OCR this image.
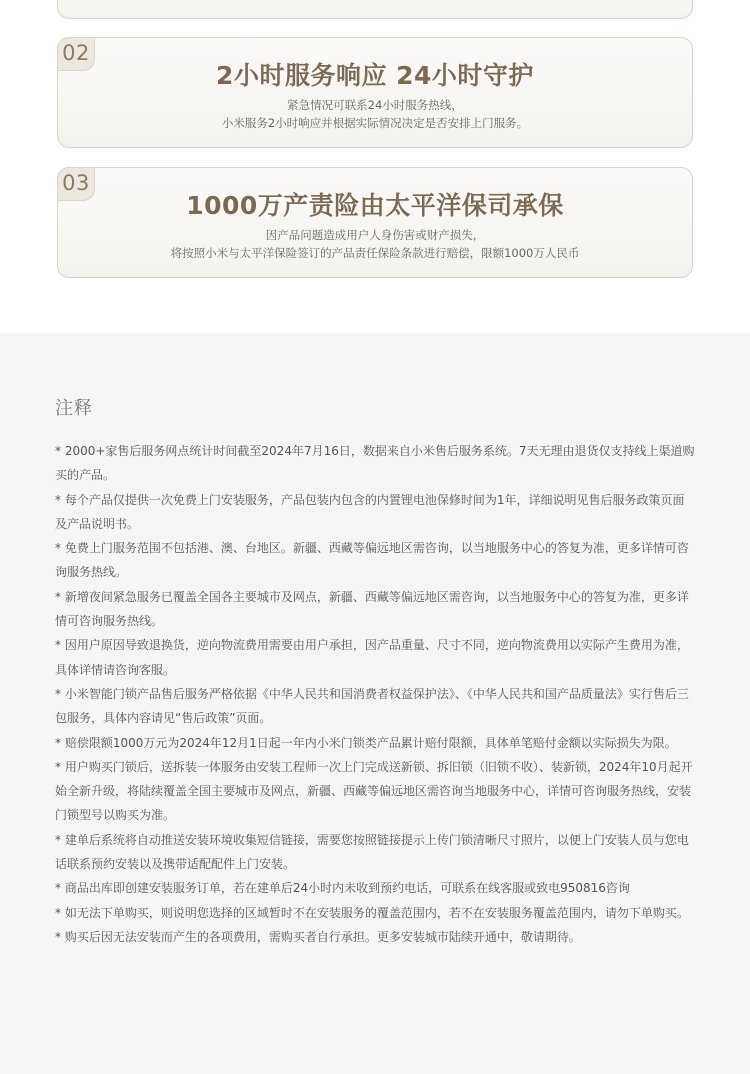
02
2小时服务响应 24小时守护
紧急情况可联系24小时服务热线，
小米服务2小时响应并根据实际情况决定是否安排上门服务。
03
1000万产责险由太平洋保司承保
因产品问题造成用户人身伤害或财产损失，
将按照小米与太平洋保险签订的产品责任保险条款进行赔偿，限额1000万人民币
注释
* 2000+家售后服务网点统计时间截至2024年7月16日，数据来自小米售后服务系统。7天无理由退货仅支持线上渠道购买的产品。
* 每个产品仅提供一次免费上门安装服务，产品包装内包含的内置锂电池保修时间为1年，详细说明见售后服务政策页面及产品说明书。
* 免费上门服务范围不包括港、澳、台地区。新疆、西藏等偏远地区需咨询，以当地服务中心的答复为准，更多详情可咨询服务热线。
* 新增夜间紧急服务已覆盖全国各主要城市及网点，新疆、西藏等偏远地区需咨询，以当地服务中心的答复为准，更多详情可咨询服务热线。
* 因用户原因导致退换货，逆向物流费用需要由用户承担，因产品重量、尺寸不同，逆向物流费用以实际产生费用为准，具体详情请咨询客服。
* 小米智能门锁产品售后服务严格依据《中华人民共和国消费者权益保护法》、《中华人民共和国产品质量法》实行售后三包服务，具体内容请见“售后政策”页面。
* 赔偿限额1000万元为2024年12月1日起一年内小米门锁类产品累计赔付限额，具体单笔赔付金额以实际损失为限。
* 用户购买门锁后，送拆装一体服务由安装工程师一次上门完成送新锁、拆旧锁（旧锁不收）、装新锁，2024年10月起开始全新升级，将陆续覆盖全国主要城市及网点，新疆、西藏等偏远地区需咨询当地服务中心，详情可咨询服务热线，安装门锁型号以购买为准。
* 建单后系统将自动推送安装环境收集短信链接，需要您按照链接提示上传门锁清晰尺寸照片，以便上门安装人员与您电话联系预约安装以及携带适配配件上门安装。
* 商品出库即创建安装服务订单，若在建单后24小时内未收到预约电话，可联系在线客服或致电950816咨询
* 如无法下单购买，则说明您选择的区域暂时不在安装服务的覆盖范围内，若不在安装服务覆盖范围内，请勿下单购买。
* 购买后因无法安装而产生的各项费用，需购买者自行承担。更多安装城市陆续开通中，敬请期待。
